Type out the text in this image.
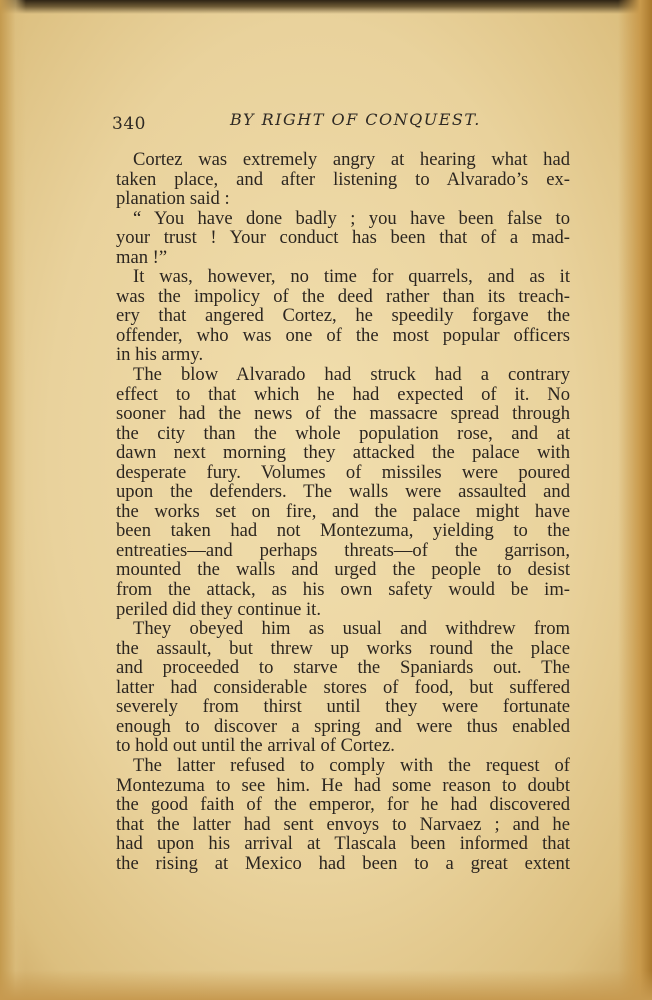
340	BY RIGHT OF CONQUEST.
Cortez was extremely angry at hearing what had
taken place, and after listening to Alvarado’s ex-
planation said :
“ You have done badly ; you have been false to
your trust ! Your conduct has been that of a mad-
man !”
It was, however, no time for quarrels, and as it
was the impolicy of the deed rather than its treach-
ery that angered Cortez, he speedily forgave the
offender, who was one of the most popular officers
in his army.
The blow Alvarado had struck had a contrary
effect to that which he had expected of it. No
sooner had the news of the massacre spread through
the city than the whole population rose, and at
dawn next morning they attacked the palace with
desperate fury. Volumes of missiles were poured
upon the defenders. The walls were assaulted and
the works set on fire, and the palace might have
been taken had not Montezuma, yielding to the
entreaties—and perhaps threats—of the garrison,
mounted the walls and urged the people to desist
from the attack, as his own safety would be im-
periled did they continue it.
They obeyed him as usual and withdrew from
the assault, but threw up works round the place
and proceeded to starve the Spaniards out. The
latter had considerable stores of food, but suffered
severely from thirst until they were fortunate
enough to discover a spring and were thus enabled
to hold out until the arrival of Cortez.
The latter refused to comply with the request of
Montezuma to see him. He had some reason to doubt
the good faith of the emperor, for he had discovered
that the latter had sent envoys to Narvaez ; and he
had upon his arrival at Tlascala been informed that
the rising at Mexico had been to a great extent
